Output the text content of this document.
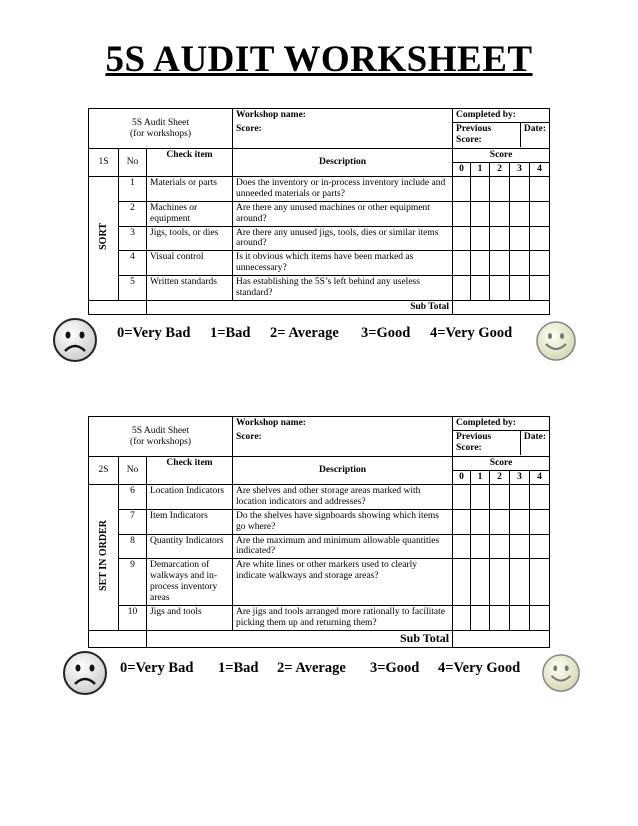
5S AUDIT WORKSHEET
5S Audit Sheet
(for workshops)			Workshop name:	Completed by:				

			Score:	Previous
Score:
Date:				

1S	No	Check item	Description	Score				
				0	1	2	3	4
SORT	1	Materials or parts	Does the inventory or in-process inventory include and unneeded materials or parts?					
	2	Machines or equipment	Are there any unused machines or other equipment around?					
	3	Jigs, tools, or dies	Are there any unused jigs, tools, dies or similar items around?					
	4	Visual control	Is it obvious which items have been marked as unnecessary?					
	5	Written standards	Has establishing the 5S’s left behind any useless standard?					
		Sub Total						
0=Very Bad 1=Bad 2= Average 3=Good 4=Very Good
5S Audit Sheet
(for workshops)			Workshop name:	Completed by:				

			Score:	Previous
Score:
Date:				

2S	No	Check item	Description	Score				
				0	1	2	3	4
SET IN ORDER	6	Location Indicators	Are shelves and other storage areas marked with location indicators and addresses?					
	7	Item Indicators	Do the shelves have signboards showing which items go where?					
	8	Quantity Indicators	Are the maximum and minimum allowable quantities indicated?					
	9	Demarcation of walkways and in-process inventory areas	Are white lines or other markers used to clearly indicate walkways and storage areas?					
	10	Jigs and tools	Are jigs and tools arranged more rationally to facilitate picking them up and returning them?					
		Sub Total						
0=Very Bad 1=Bad 2= Average 3=Good 4=Very Good
